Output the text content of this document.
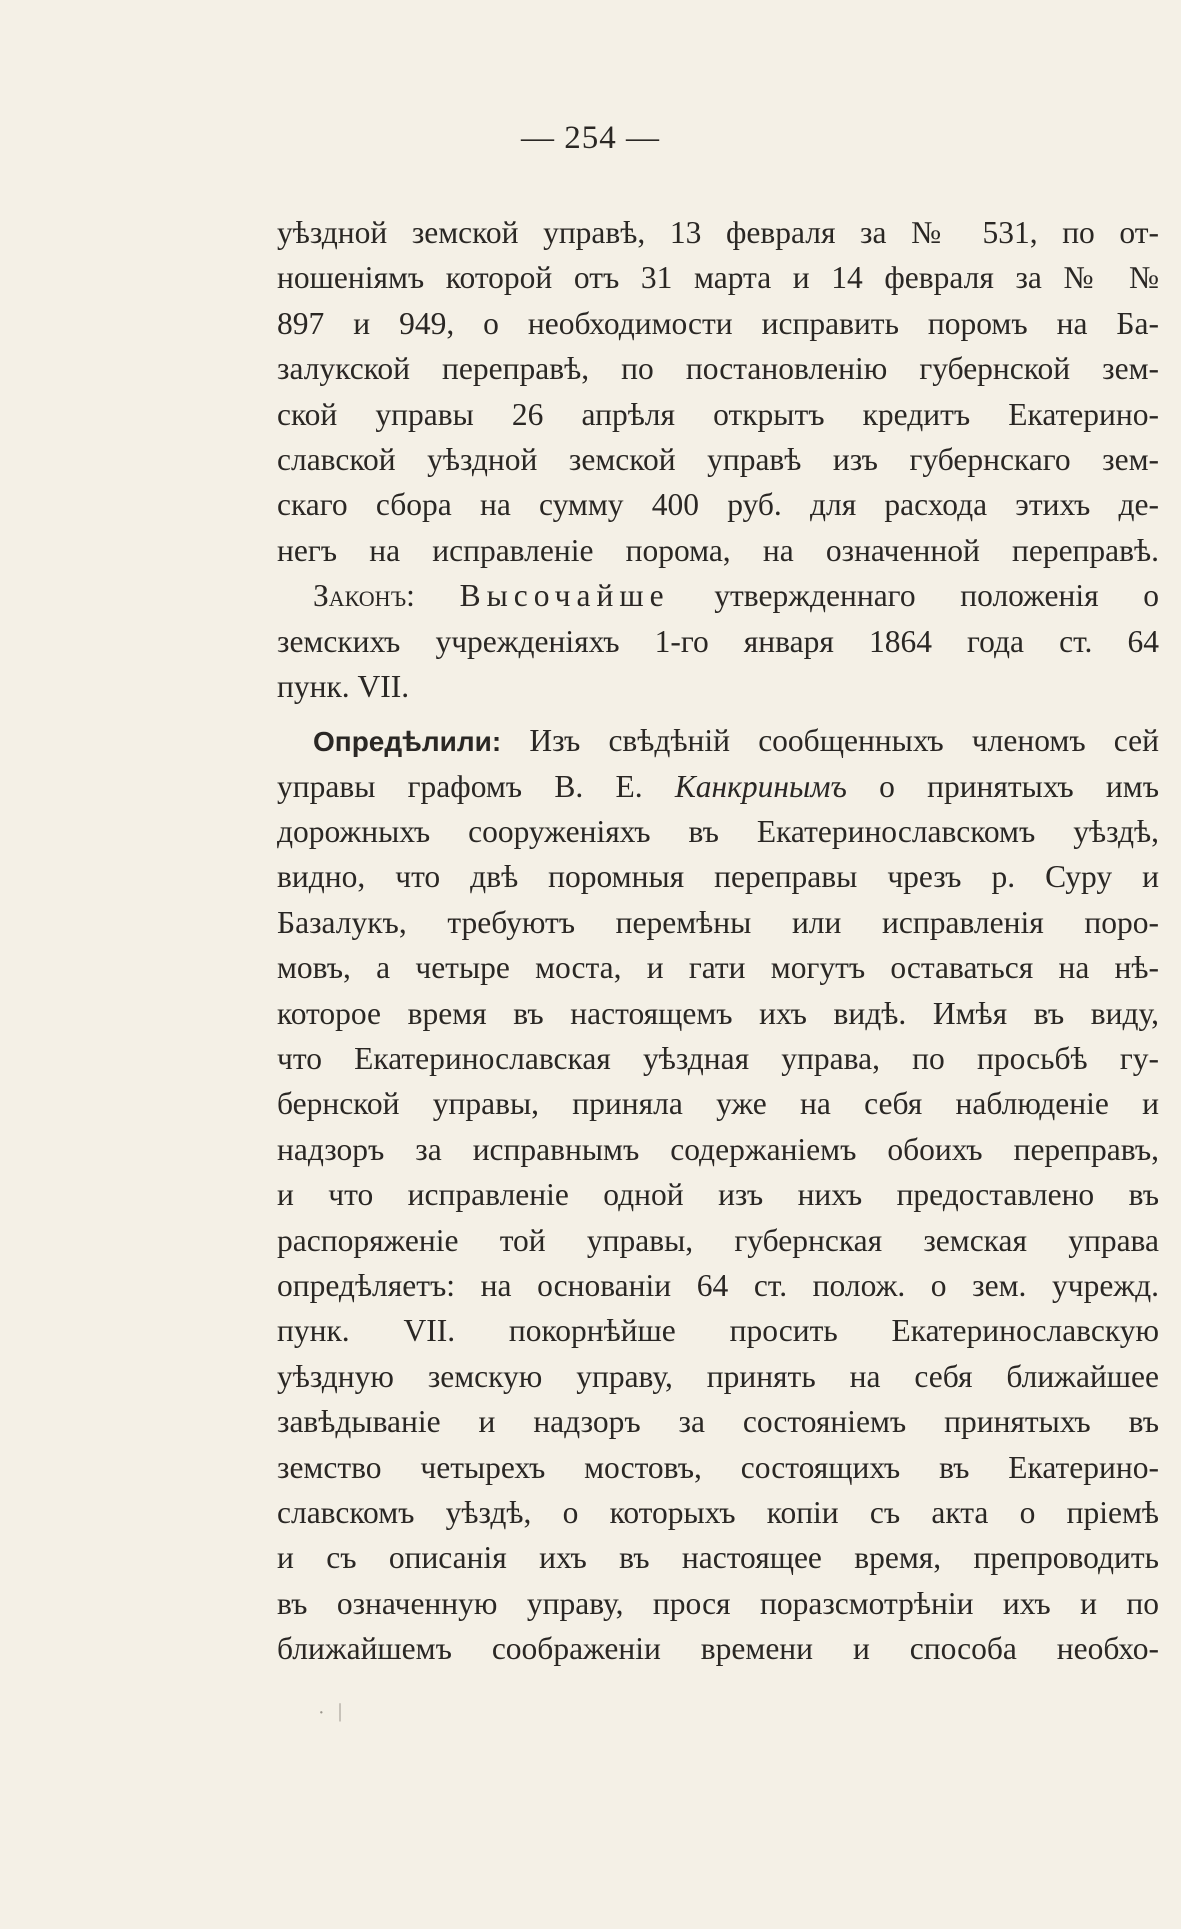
— 254 —
уѣздной земской управѣ, 13 февраля за № 531, по от-
ношеніямъ которой отъ 31 марта и 14 февраля за № №
897 и 949, о необходимости исправить поромъ на Ба-
залукской переправѣ, по постановленію губернской зем-
ской управы 26 апрѣля открытъ кредитъ Екатерино-
славской уѣздной земской управѣ изъ губернскаго зем-
скаго сбора на сумму 400 руб. для расхода этихъ де-
негъ на исправленіе порома, на означенной переправѣ.
Законъ: Высочайше утвержденнаго положенія о
земскихъ учрежденіяхъ 1-го января 1864 года ст. 64
пунк. VII.
Опредѣлили: Изъ свѣдѣній сообщенныхъ членомъ сей
управы графомъ В. Е. Канкринымъ о принятыхъ имъ
дорожныхъ сооруженіяхъ въ Екатеринославскомъ уѣздѣ,
видно, что двѣ поромныя переправы чрезъ р. Суру и
Базалукъ, требуютъ перемѣны или исправленія поро-
мовъ, а четыре моста, и гати могутъ оставаться на нѣ-
которое время въ настоящемъ ихъ видѣ. Имѣя въ виду,
что Екатеринославская уѣздная управа, по просьбѣ гу-
бернской управы, приняла уже на себя наблюденіе и
надзоръ за исправнымъ содержаніемъ обоихъ переправъ,
и что исправленіе одной изъ нихъ предоставлено въ
распоряженіе той управы, губернская земская управа
опредѣляетъ: на основаніи 64 ст. полож. о зем. учрежд.
пунк. VII. покорнѣйше просить Екатеринославскую
уѣздную земскую управу, принять на себя ближайшее
завѣдываніе и надзоръ за состояніемъ принятыхъ въ
земство четырехъ мостовъ, состоящихъ въ Екатерино-
славскомъ уѣздѣ, о которыхъ копіи съ акта о пріемѣ
и съ описанія ихъ въ настоящее время, препроводить
въ означенную управу, прося поразсмотрѣніи ихъ и по
ближайшемъ соображеніи времени и способа необхо-
· |
